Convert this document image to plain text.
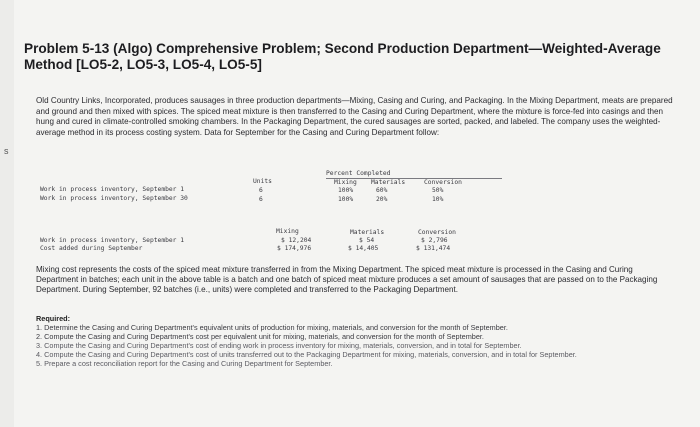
s
Problem 5-13 (Algo) Comprehensive Problem; Second Production Department—Weighted-Average Method [LO5-2, LO5-3, LO5-4, LO5-5]

Old Country Links, Incorporated, produces sausages in three production departments—Mixing, Casing and Curing, and Packaging. In the Mixing Department, meats are prepared and ground and then mixed with spices. The spiced meat mixture is then transferred to the Casing and Curing Department, where the mixture is force-fed into casings and then hung and cured in climate-controlled smoking chambers. In the Packaging Department, the cured sausages are sorted, packed, and labeled. The company uses the weighted-average method in its process costing system. Data for September for the Casing and Curing Department follow:

Percent Completed
Units	Mixing Materials	Conversion
Work in process inventory, September 1	6	100%	60%	50%
Work in process inventory, September 30	6	100%	20%	10%
Mixing	Materials	Conversion
Work in process inventory, September 1	$ 12,204	$ 54	$ 2,796
Cost added during September	$ 174,976	$ 14,405	$ 131,474

Mixing cost represents the costs of the spiced meat mixture transferred in from the Mixing Department. The spiced meat mixture is processed in the Casing and Curing Department in batches; each unit in the above table is a batch and one batch of spiced meat mixture produces a set amount of sausages that are passed on to the Packaging Department. During September, 92 batches (i.e., units) were completed and transferred to the Packaging Department.

Required:

1. Determine the Casing and Curing Department's equivalent units of production for mixing, materials, and conversion for the month of September.

2. Compute the Casing and Curing Department's cost per equivalent unit for mixing, materials, and conversion for the month of September.

3. Compute the Casing and Curing Department's cost of ending work in process inventory for mixing, materials, conversion, and in total for September.

4. Compute the Casing and Curing Department's cost of units transferred out to the Packaging Department for mixing, materials, conversion, and in total for September.

5. Prepare a cost reconciliation report for the Casing and Curing Department for September.
